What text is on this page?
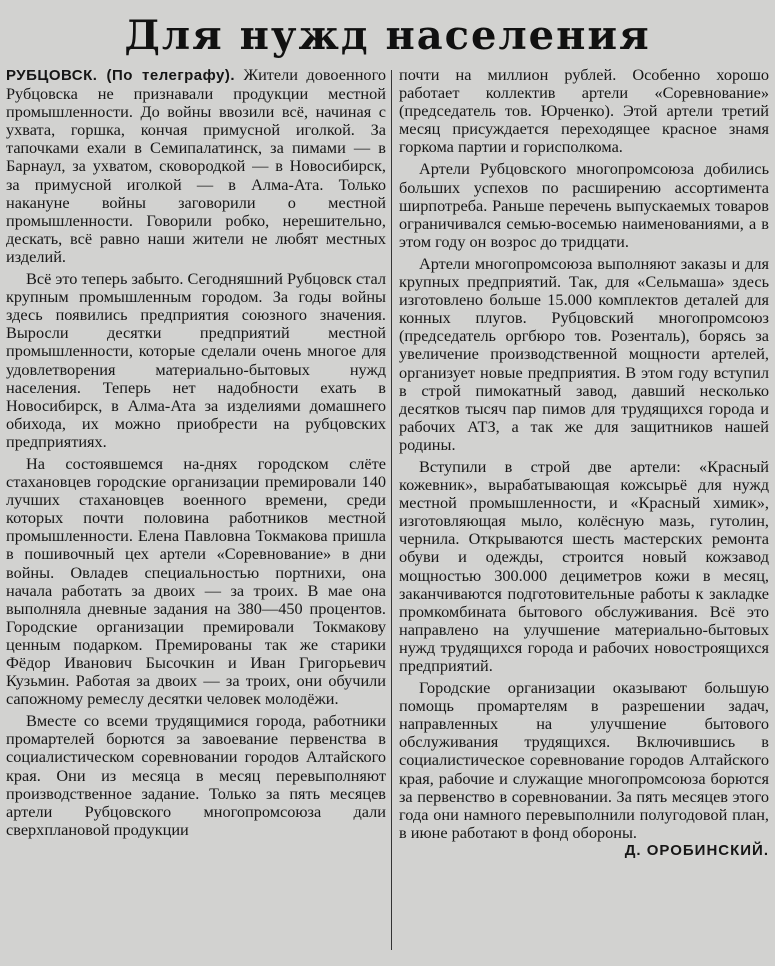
Для нужд населения

РУБЦОВСК. (По телеграфу). Жители довоенного Рубцовска не признавали продукции местной промышленности. До войны ввозили всё, начиная с ухвата, горшка, кончая примусной иголкой. За тапочками ехали в Семипалатинск, за пимами — в Барнаул, за ухватом, сковородкой — в Новосибирск, за примусной иголкой — в Алма-Ата. Только накануне войны заговорили о местной промышленности. Говорили робко, нерешительно, дескать, всё равно наши жители не любят местных изделий.

Всё это теперь забыто. Сегодняшний Рубцовск стал крупным промышленным городом. За годы войны здесь появились предприятия союзного значения. Выросли десятки предприятий местной промышленности, которые сделали очень многое для удовлетворения материально-бытовых нужд населения. Теперь нет надобности ехать в Новосибирск, в Алма-Ата за изделиями домашнего обихода, их можно приобрести на рубцовских предприятиях.

На состоявшемся на-днях городском слёте стахановцев городские организации премировали 140 лучших стахановцев военного времени, среди которых почти половина работников местной промышленности. Елена Павловна Токмакова пришла в пошивочный цех артели «Соревнование» в дни войны. Овладев специальностью портнихи, она начала работать за двоих — за троих. В мае она выполняла дневные задания на 380—450 процентов. Городские организации премировали Токмакову ценным подарком. Премированы так же старики Фёдор Иванович Бысочкин и Иван Григорьевич Кузьмин. Работая за двоих — за троих, они обучили сапожному ремеслу десятки человек молодёжи.

Вместе со всеми трудящимися города, работники промартелей борются за завоевание первенства в социалистическом соревновании городов Алтайского края. Они из месяца в месяц перевыполняют производственное задание. Только за пять месяцев артели Рубцовского многопромсоюза дали сверхплановой продукции

почти на миллион рублей. Особенно хорошо работает коллектив артели «Соревнование» (председатель тов. Юрченко). Этой артели третий месяц присуждается переходящее красное знамя горкома партии и горисполкома.

Артели Рубцовского многопромсоюза добились больших успехов по расширению ассортимента ширпотреба. Раньше перечень выпускаемых товаров ограничивался семью-восемью наименованиями, а в этом году он возрос до тридцати.

Артели многопромсоюза выполняют заказы и для крупных предприятий. Так, для «Сельмаша» здесь изготовлено больше 15.000 комплектов деталей для конных плугов. Рубцовский многопромсоюз (председатель оргбюро тов. Розенталь), борясь за увеличение производственной мощности артелей, организует новые предприятия. В этом году вступил в строй пимокатный завод, давший несколько десятков тысяч пар пимов для трудящихся города и рабочих АТЗ, а так же для защитников нашей родины.

Вступили в строй две артели: «Красный кожевник», вырабатывающая кожсырьё для нужд местной промышленности, и «Красный химик», изготовляющая мыло, колёсную мазь, гутолин, чернила. Открываются шесть мастерских ремонта обуви и одежды, строится новый кожзавод мощностью 300.000 дециметров кожи в месяц, заканчиваются подготовительные работы к закладке промкомбината бытового обслуживания. Всё это направлено на улучшение материально-бытовых нужд трудящихся города и рабочих новостроящихся предприятий.

Городские организации оказывают большую помощь промартелям в разрешении задач, направленных на улучшение бытового обслуживания трудящихся. Включившись в социалистическое соревнование городов Алтайского края, рабочие и служащие многопромсоюза борются за первенство в соревновании. За пять месяцев этого года они намного перевыполнили полугодовой план, в июне работают в фонд обороны.
Д. ОРОБИНСКИЙ.
